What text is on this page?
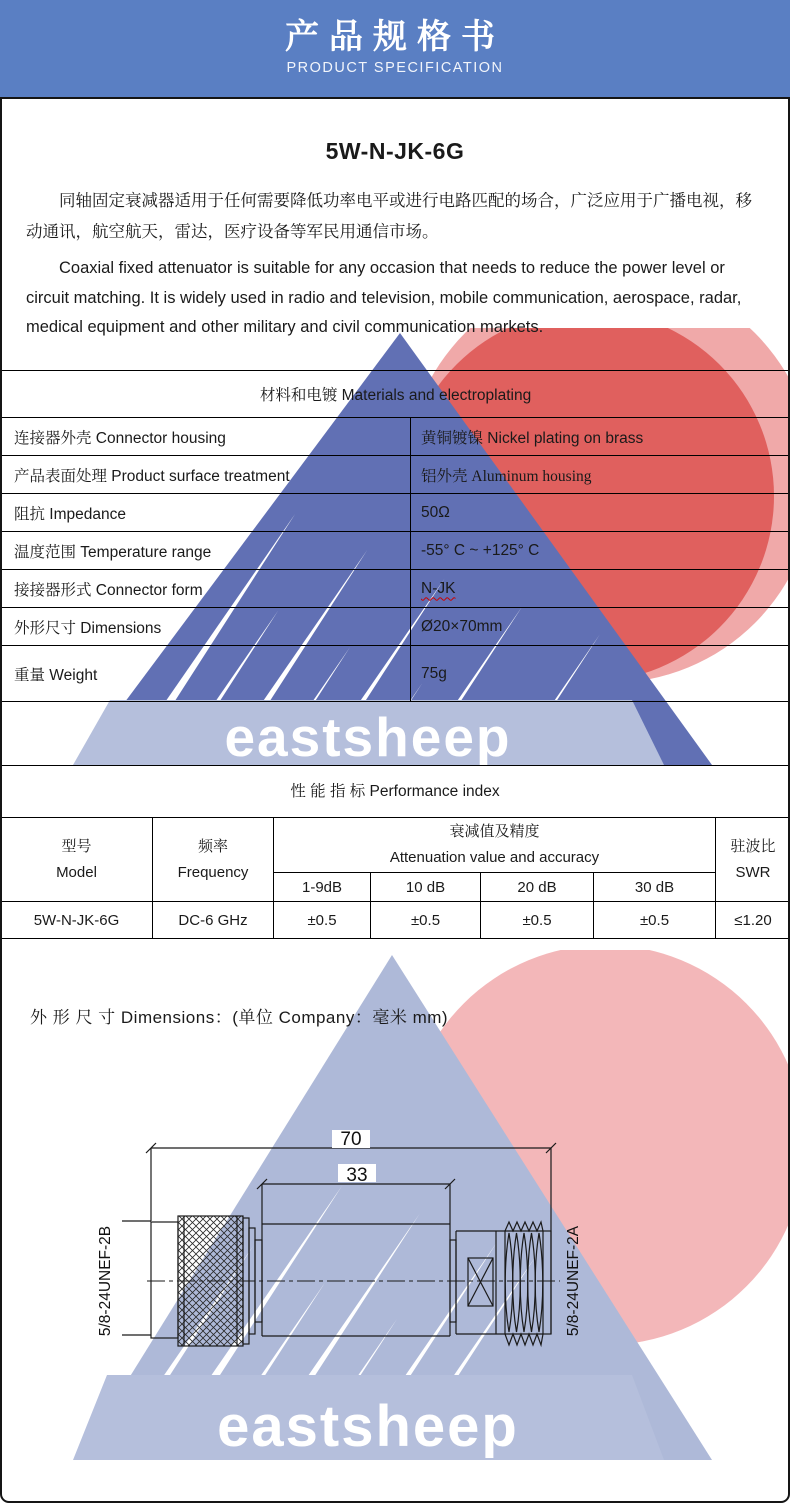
eastsheep
eastsheep
产品规格书
PRODUCT SPECIFICATION
5W-N-JK-6G

同轴固定衰减器适用于任何需要降低功率电平或进行电路匹配的场合，广泛应用于广播电视，移动通讯，航空航天，雷达，医疗设备等军民用通信市场。

Coaxial fixed attenuator is suitable for any occasion that needs to reduce the power level or circuit matching. It is widely used in radio and television, mobile communication, aerospace, radar, medical equipment and other military and civil communication markets.

材料和电镀 Materials and electroplating	
连接器外壳 Connector housing	黄铜镀镍 Nickel plating on brass
产品表面处理 Product surface treatment	铝外壳 Aluminum housing
阻抗 Impedance	50Ω
温度范围 Temperature range	-55° C ~ +125° C
接接器形式 Connector form	N-JK
外形尺寸 Dimensions	Ø20×70mm
重量 Weight	75g
性 能 指 标 Performance index
型号
Model

频率
Frequency

衰减值及精度
Attenuation value and accuracy

驻波比
SWR

		1-9dB	10 dB	20 dB	30 dB	
5W-N-JK-6G	DC-6 GHz	±0.5	±0.5	±0.5	±0.5	≤1.20
外 形 尺 寸 Dimensions：(单位 Company：毫米 mm)
70
33
5/8-24UNEF-2B	5/8-24UNEF-2A
